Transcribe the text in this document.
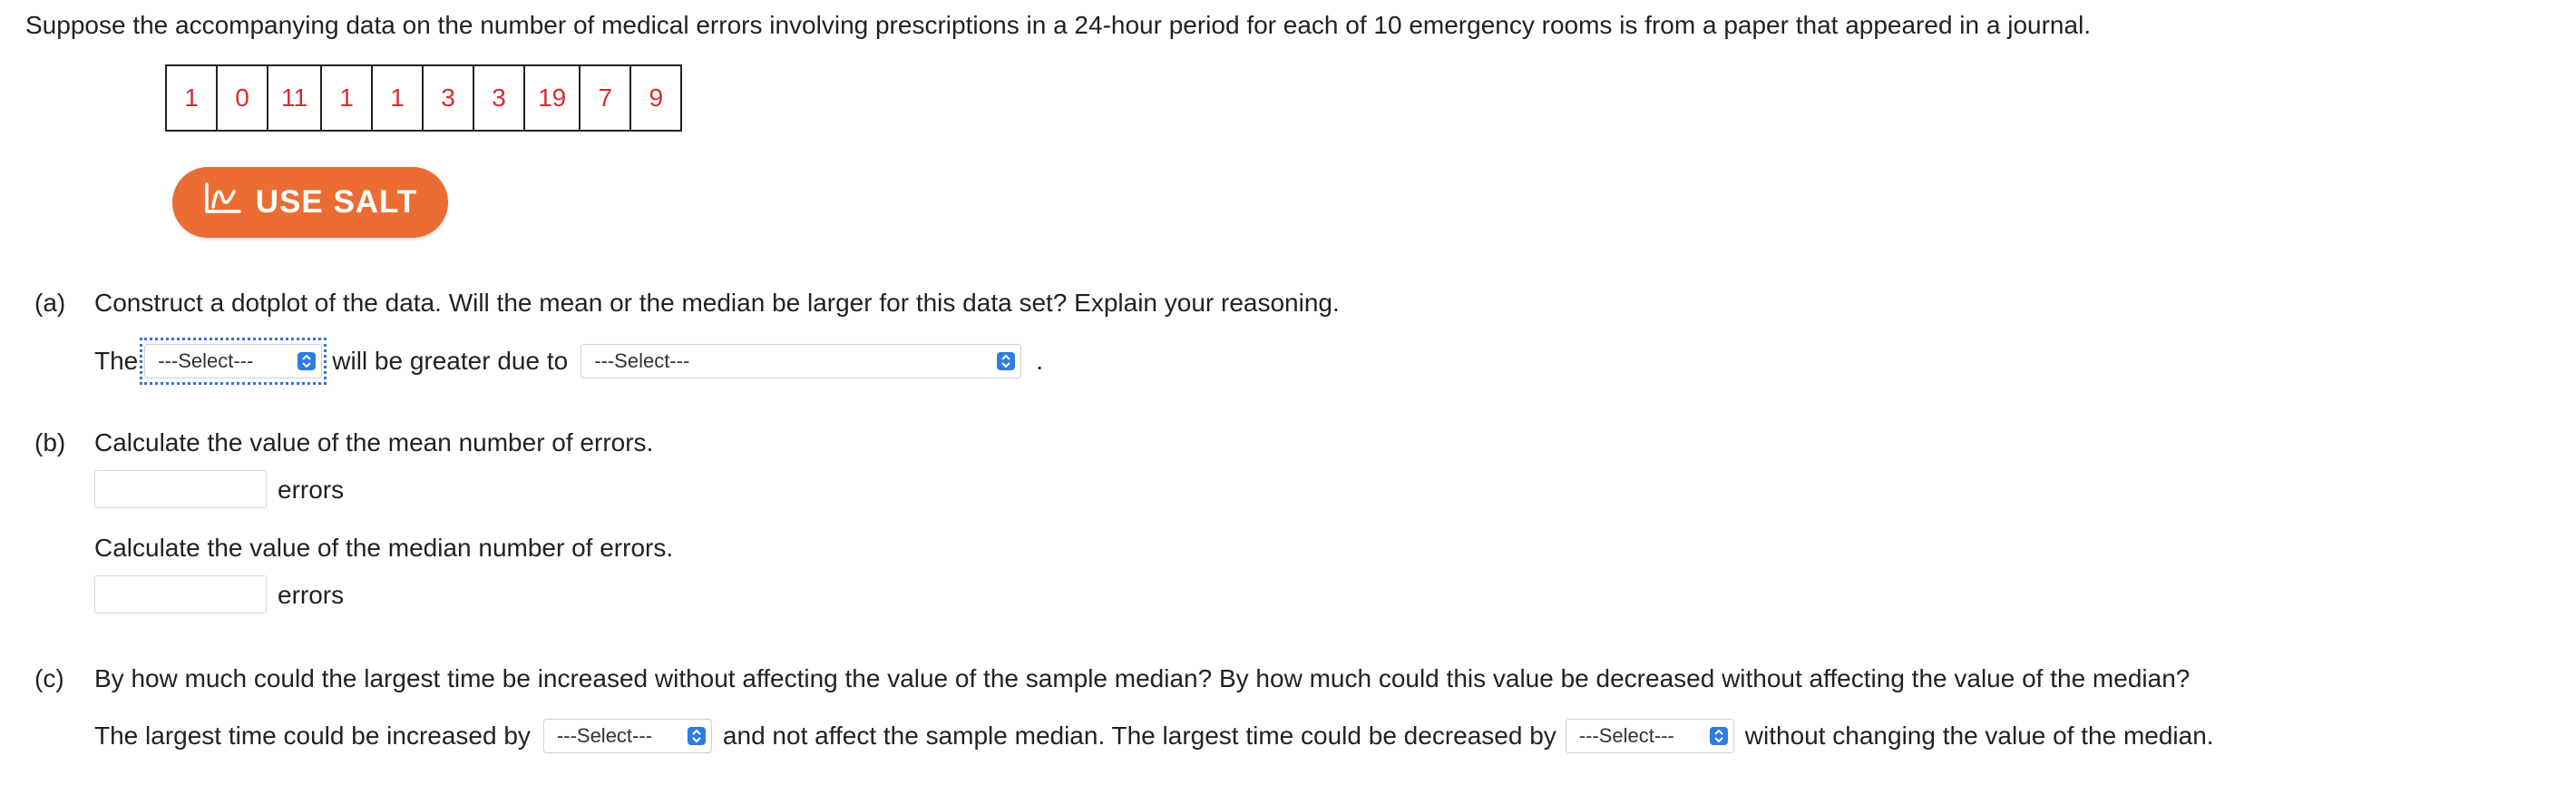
Suppose the accompanying data on the number of medical errors involving prescriptions in a 24-hour period for each of 10 emergency rooms is from a paper that appeared in a journal.
1	0	11	1	1	3	3	19	7	9
USE SALT
(a) Construct a dotplot of the data. Will the mean or the median be larger for this data set? Explain your reasoning.
The ---Select---	will be greater due to ---Select---	.
(b) Calculate the value of the mean number of errors.
errors
Calculate the value of the median number of errors.
errors
(c) By how much could the largest time be increased without affecting the value of the sample median? By how much could this value be decreased without affecting the value of the median?
The largest time could be increased by ---Select---	and not affect the sample median. The largest time could be decreased by ---Select---	without changing the value of the median.
